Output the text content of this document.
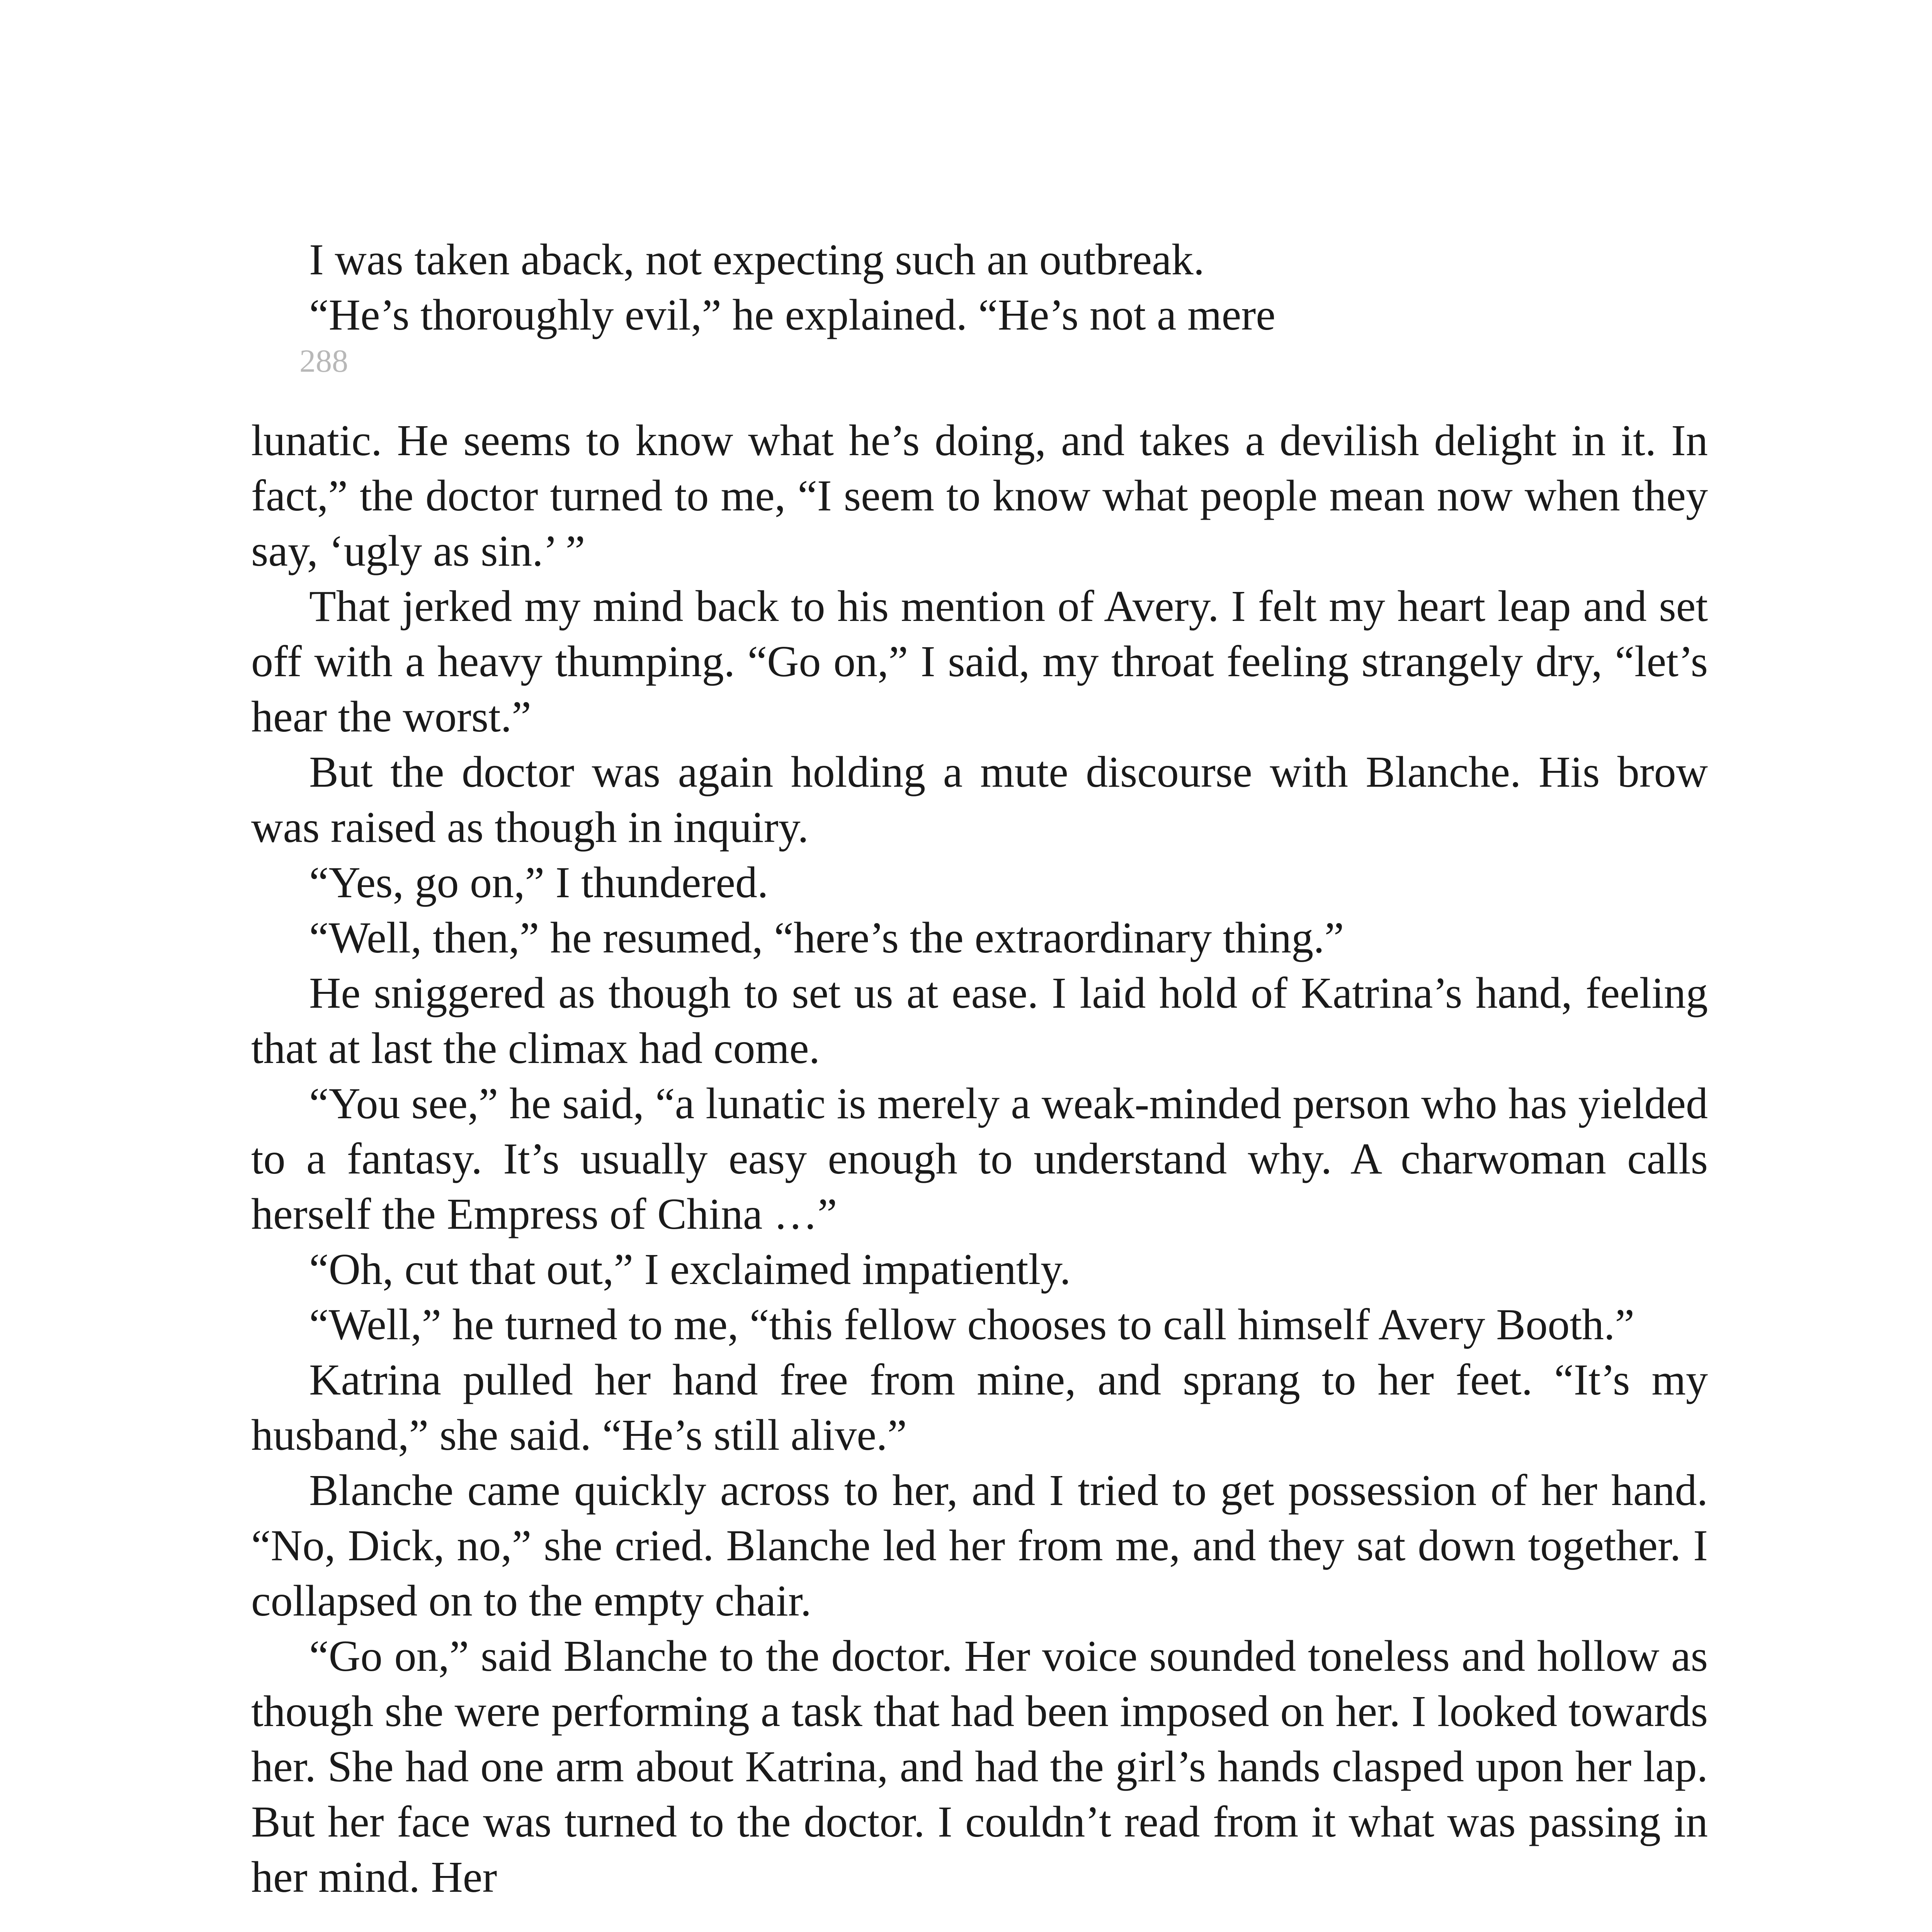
I was taken aback, not expecting such an outbreak.

“He’s thoroughly evil,” he explained. “He’s not a mere

288

lunatic. He seems to know what he’s doing, and takes a devilish delight in it. In fact,” the doctor turned to me, “I seem to know what people mean now when they say, ‘ugly as sin.’ ”

That jerked my mind back to his mention of Avery. I felt my heart leap and set off with a heavy thumping. “Go on,” I said, my throat feeling strangely dry, “let’s hear the worst.”

But the doctor was again holding a mute discourse with Blanche. His brow was raised as though in inquiry.

“Yes, go on,” I thundered.

“Well, then,” he resumed, “here’s the extraordinary thing.”

He sniggered as though to set us at ease. I laid hold of Katrina’s hand, feeling that at last the climax had come.

“You see,” he said, “a lunatic is merely a weak-minded person who has yielded to a fantasy. It’s usually easy enough to understand why. A charwoman calls herself the Empress of China …”

“Oh, cut that out,” I exclaimed impatiently.

“Well,” he turned to me, “this fellow chooses to call himself Avery Booth.”

Katrina pulled her hand free from mine, and sprang to her feet. “It’s my husband,” she said. “He’s still alive.”

Blanche came quickly across to her, and I tried to get possession of her hand. “No, Dick, no,” she cried. Blanche led her from me, and they sat down together. I collapsed on to the empty chair.

“Go on,” said Blanche to the doctor. Her voice sounded toneless and hollow as though she were performing a task that had been imposed on her. I looked towards her. She had one arm about Katrina, and had the girl’s hands clasped upon her lap. But her face was turned to the doctor. I couldn’t read from it what was passing in her mind. Her
